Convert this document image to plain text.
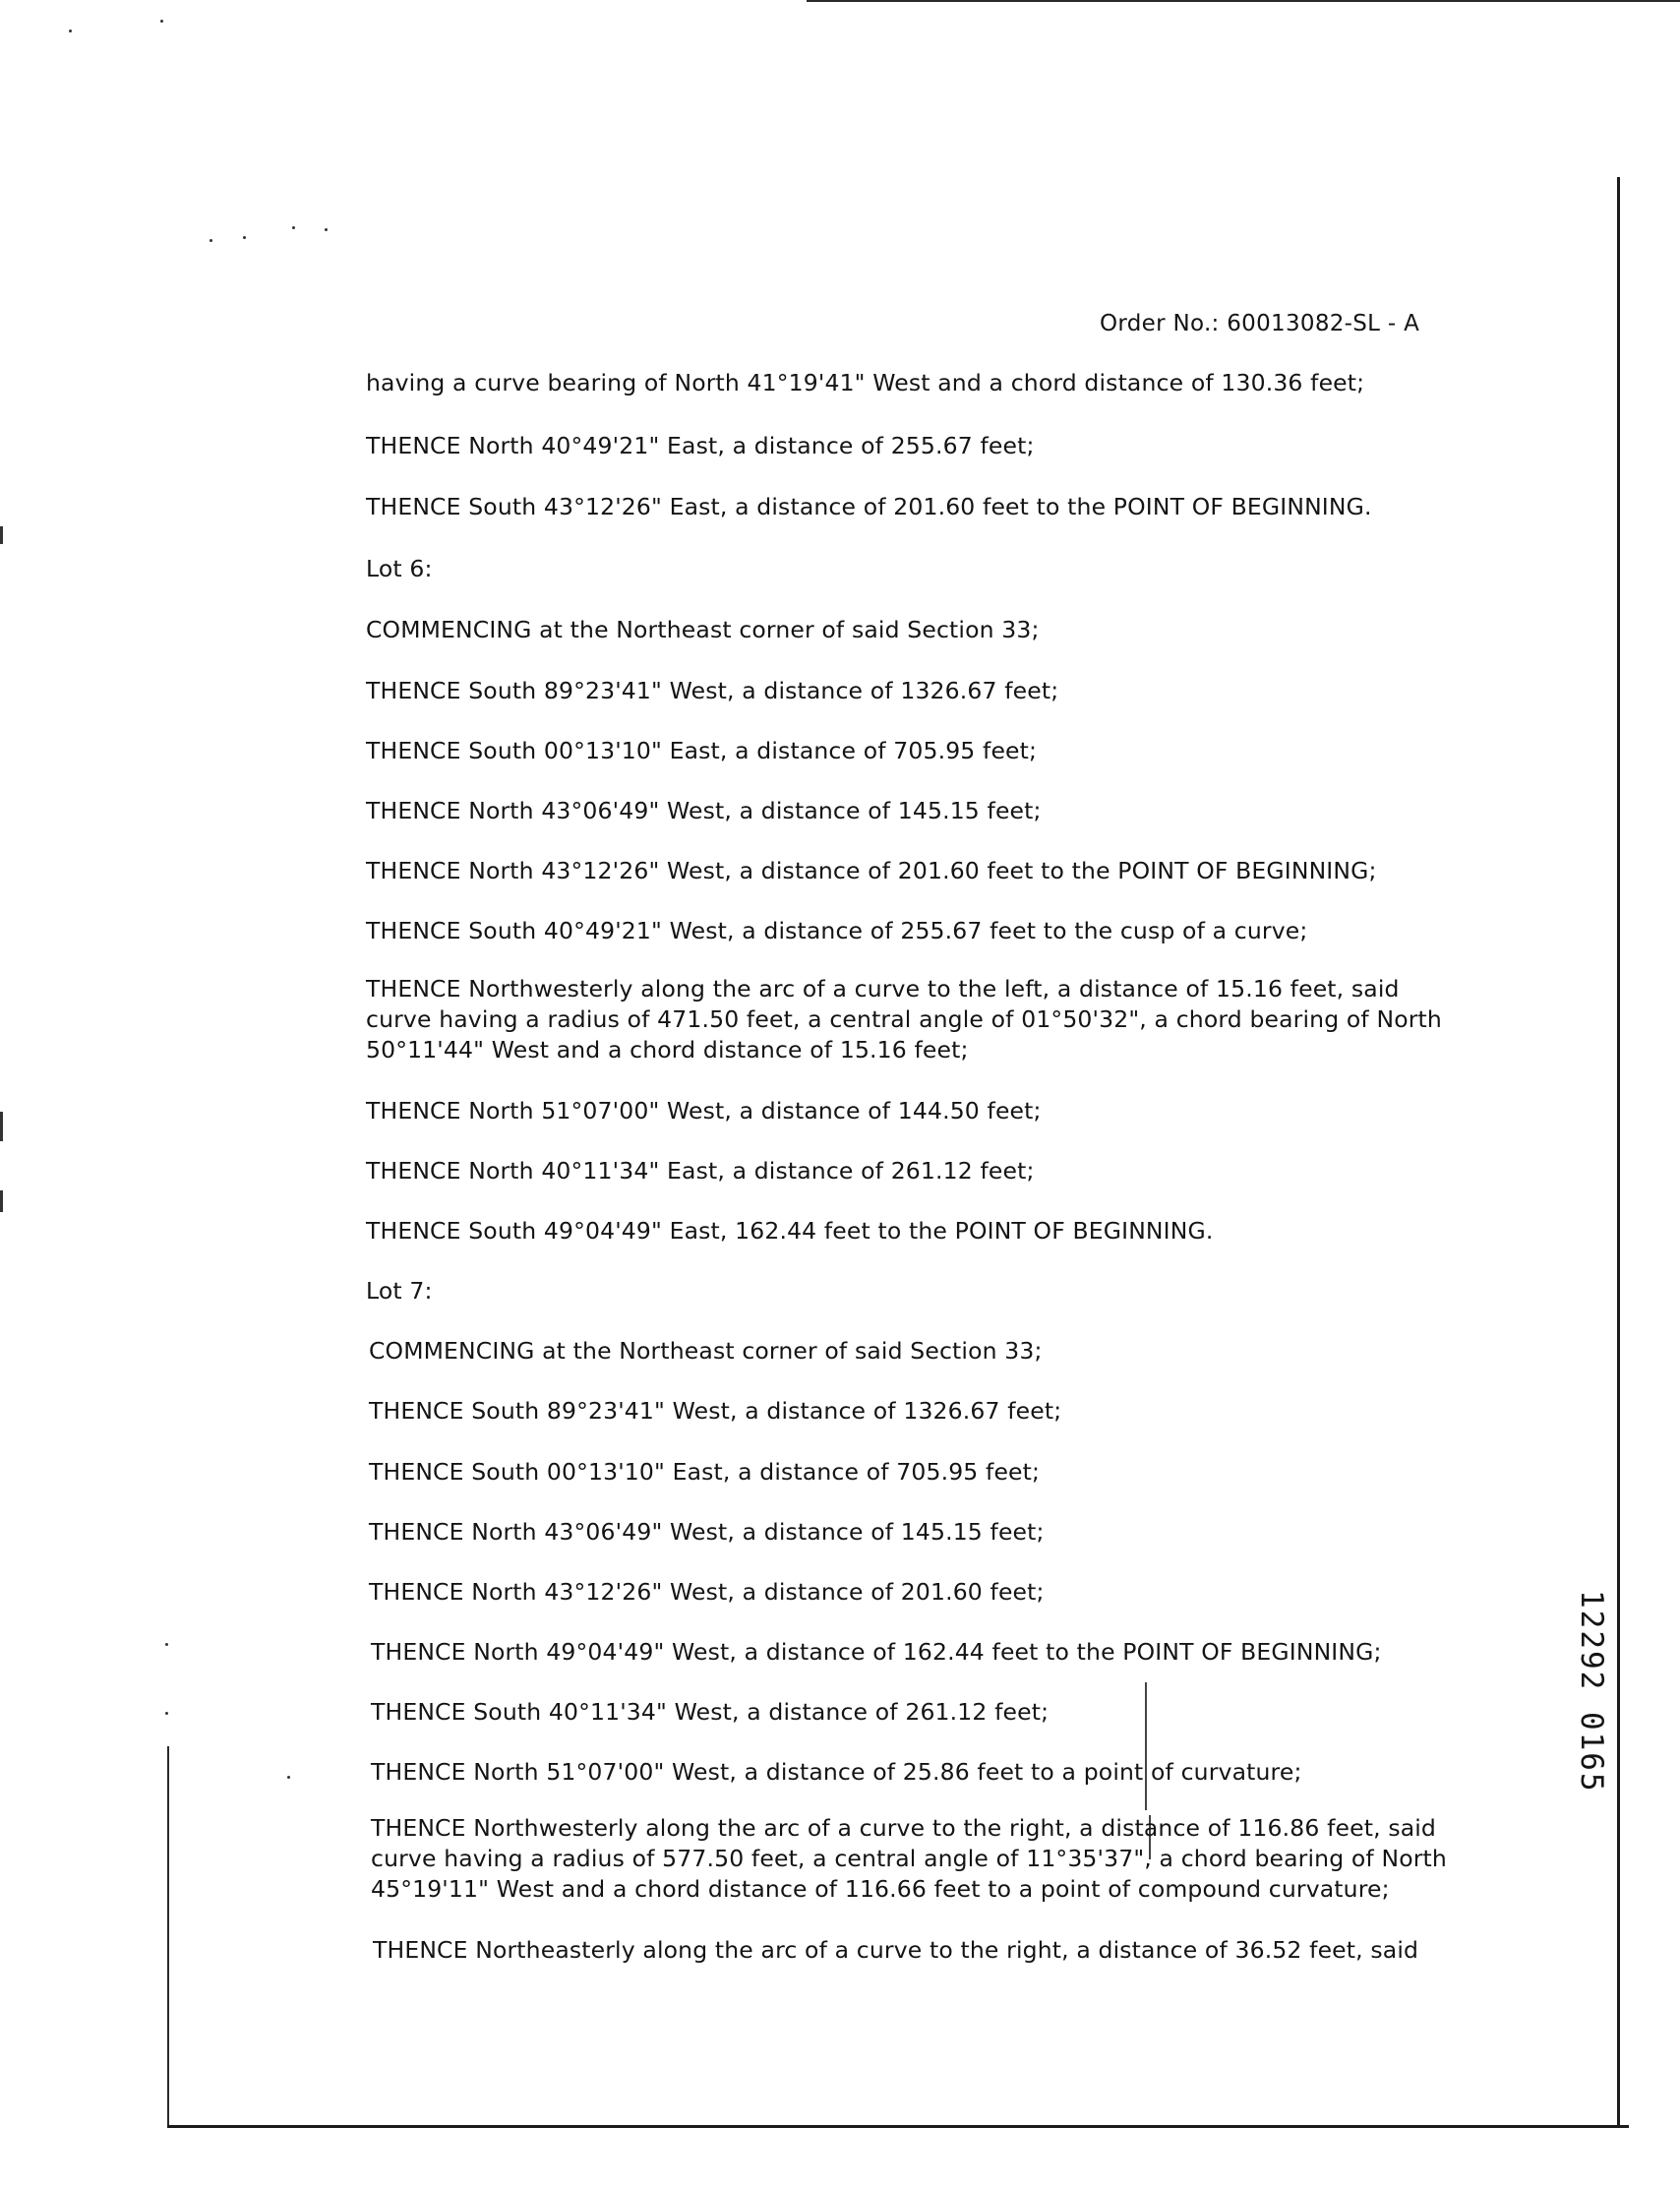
Order No.: 60013082-SL - A
having a curve bearing of North 41°19'41" West and a chord distance of 130.36 feet;
THENCE North 40°49'21" East, a distance of 255.67 feet;
THENCE South 43°12'26" East, a distance of 201.60 feet to the POINT OF BEGINNING.
Lot 6:
COMMENCING at the Northeast corner of said Section 33;
THENCE South 89°23'41" West, a distance of 1326.67 feet;
THENCE South 00°13'10" East, a distance of 705.95 feet;
THENCE North 43°06'49" West, a distance of 145.15 feet;
THENCE North 43°12'26" West, a distance of 201.60 feet to the POINT OF BEGINNING;
THENCE South 40°49'21" West, a distance of 255.67 feet to the cusp of a curve;
THENCE Northwesterly along the arc of a curve to the left, a distance of 15.16 feet, said
curve having a radius of 471.50 feet, a central angle of 01°50'32", a chord bearing of North
50°11'44" West and a chord distance of 15.16 feet;
THENCE North 51°07'00" West, a distance of 144.50 feet;
THENCE North 40°11'34" East, a distance of 261.12 feet;
THENCE South 49°04'49" East, 162.44 feet to the POINT OF BEGINNING.
Lot 7:
COMMENCING at the Northeast corner of said Section 33;
THENCE South 89°23'41" West, a distance of 1326.67 feet;
THENCE South 00°13'10" East, a distance of 705.95 feet;
THENCE North 43°06'49" West, a distance of 145.15 feet;
THENCE North 43°12'26" West, a distance of 201.60 feet;
THENCE North 49°04'49" West, a distance of 162.44 feet to the POINT OF BEGINNING;
THENCE South 40°11'34" West, a distance of 261.12 feet;
THENCE North 51°07'00" West, a distance of 25.86 feet to a point of curvature;
THENCE Northwesterly along the arc of a curve to the right, a distance of 116.86 feet, said
curve having a radius of 577.50 feet, a central angle of 11°35'37", a chord bearing of North
45°19'11" West and a chord distance of 116.66 feet to a point of compound curvature;
THENCE Northeasterly along the arc of a curve to the right, a distance of 36.52 feet, said
12292 0165
